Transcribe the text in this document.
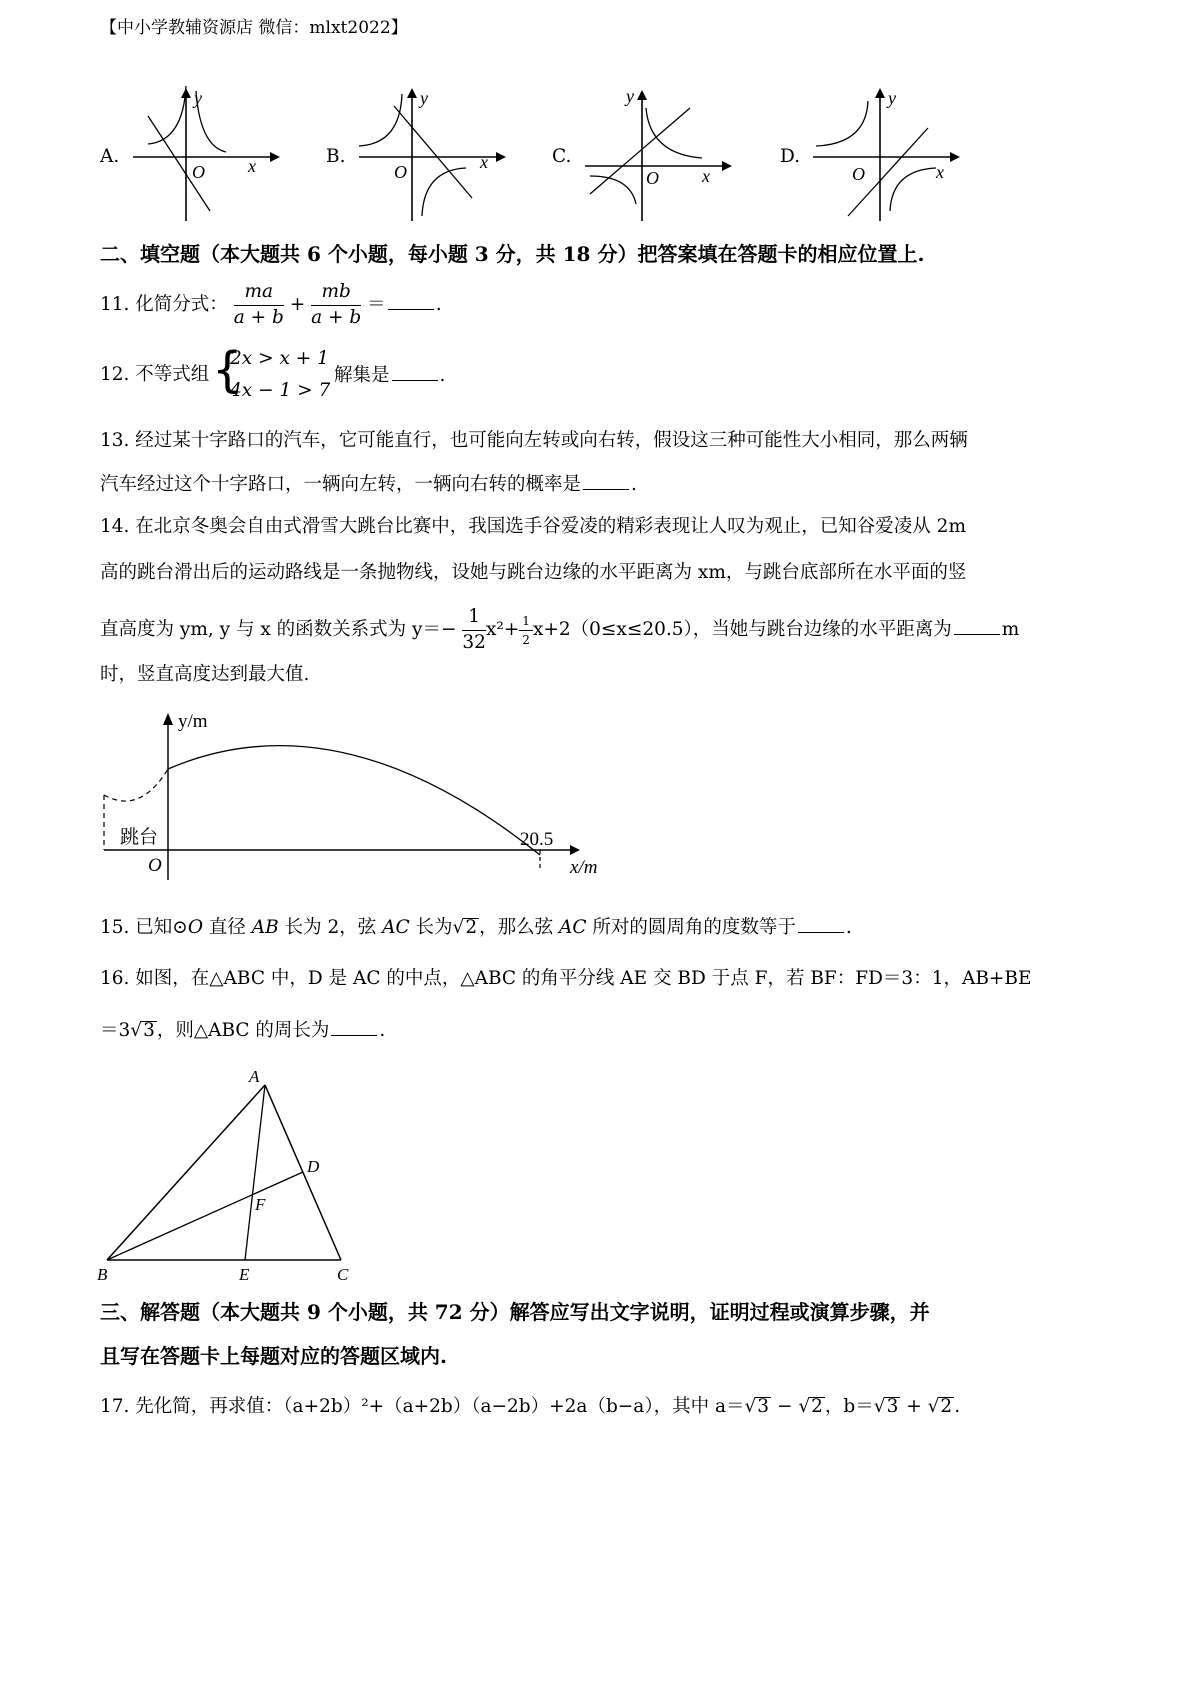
【中小学教辅资源店 微信：mlxt2022】
A.
O x
y
B.
O	x
y
C.
O x
y
D.
O	x
y
二、填空题（本大题共 6 个小题，每小题 3 分，共 18 分）把答案填在答题卡的相应位置上.
11. 化简分式： $\frac{ma}{a + b} + \frac{mb}{a + b}$ ＝	.
12. 不等式组 {
2x > x + 1
4x − 1 > 7
解集是	.
13. 经过某十字路口的汽车，它可能直行，也可能向左转或向右转，假设这三种可能性大小相同，那么两辆
汽车经过这个十字路口，一辆向左转，一辆向右转的概率是	.
14. 在北京冬奥会自由式滑雪大跳台比赛中，我国选手谷爱凌的精彩表现让人叹为观止，已知谷爱凌从 2m
高的跳台滑出后的运动路线是一条抛物线，设她与跳台边缘的水平距离为 xm，与跳台底部所在水平面的竖
直高度为 ym, y 与 x 的函数关系式为 $y=- \frac{1}{32} x^2+ \frac{1}{2} x+2(0\le x\le 20.5)$，当她与跳台边缘的水平距离为	m
时，竖直高度达到最大值.
y/m
x/m
O
跳台	20.5
15. 已知⊙O 直径 AB 长为 2，弦 AC 长为√2 ，那么弦 AC 所对的圆周角的度数等于	.
16. 如图，在△ABC 中，D 是 AC 的中点，△ABC 的角平分线 AE 交 BD 于点 F，若 BF：FD＝3：1，AB+BE
＝3√3 ，则△ABC 的周长为	.
A
B	C
D
E
F
三、解答题（本大题共 9 个小题，共 72 分）解答应写出文字说明，证明过程或演算步骤，并
且写在答题卡上每题对应的答题区域内.
17. 先化简，再求值：（a+2b）²+（a+2b）（a−2b）+2a（b−a），其中 a＝√3 − √2 ，b＝√3 + √2 .
